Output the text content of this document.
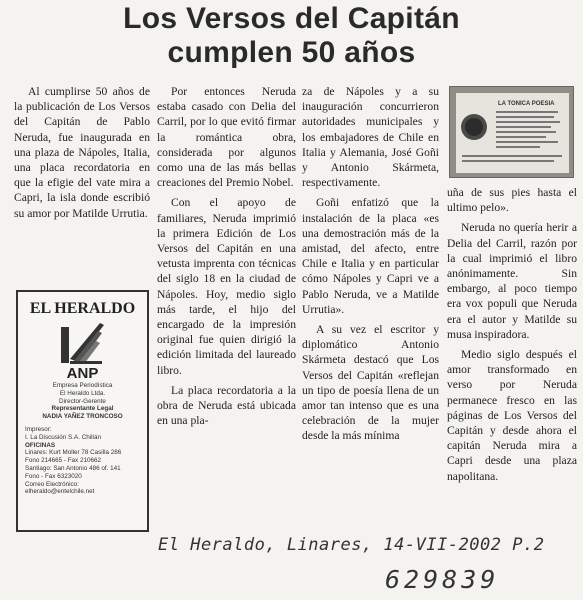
Los Versos del Capitán
cumplen 50 años

Al cumplirse 50 años de la publicación de Los Versos del Capitán de Pablo Neruda, fue inaugurada en una plaza de Nápoles, Italia, una placa recordatoria en que la efigie del vate mira a Capri, la isla donde escribió su amor por Matilde Urrutia.

EL HERALDO
ANP
Empresa Periodística
El Heraldo Ltda.
Director-Gerente
Representante Legal
NADIA YAÑEZ TRONCOSO
Impresor:
I. La Discusión S.A. Chillán
OFICINAS
Linares: Kurt Moller 78 Casilla 286
Fono 214665 - Fax 210662
Santiago: San Antonio 486 of. 141
Fono - Fax 6323020
Correo Electrónico:
elheraldo@entelchile.net

Por entonces Neruda estaba casado con Delia del Carril, por lo que evitó firmar la romántica obra, considerada por algunos como una de las más bellas creaciones del Premio Nobel.

Con el apoyo de familiares, Neruda imprimió la primera Edición de Los Versos del Capitán en una vetusta imprenta con técnicas del siglo 18 en la ciudad de Nápoles. Hoy, medio siglo más tarde, el hijo del encargado de la impresión original fue quien dirigió la edición limitada del laureado libro.

La placa recordatoria a la obra de Neruda está ubicada en una pla-

za de Nápoles y a su inauguración concurrieron autoridades municipales y los embajadores de Chile en Italia y Alemania, José Goñi y Antonio Skármeta, respectivamente.

Goñi enfatizó que la instalación de la placa «es una demostración más de la amistad, del afecto, entre Chile e Italia y en particular cómo Nápoles y Capri ve a Pablo Neruda, ve a Matilde Urrutia».

A su vez el escritor y diplomático Antonio Skármeta destacó que Los Versos del Capitán «reflejan un tipo de poesía llena de un amor tan intenso que es una celebración de la mujer desde la más mínima

LA TONICA POESIA

uña de sus pies hasta el ultimo pelo».

Neruda no quería herir a Delia del Carril, razón por la cual imprimió el libro anónimamente. Sin embargo, al poco tiempo era vox populi que Neruda era el autor y Matilde su musa inspiradora.

Medio siglo después el amor transformado en verso por Neruda permanece fresco en las páginas de Los Versos del Capitán y desde ahora el capitán Neruda mira a Capri desde una plaza napolitana.

El Heraldo, Linares, 14-VII-2002 P.2
629839
